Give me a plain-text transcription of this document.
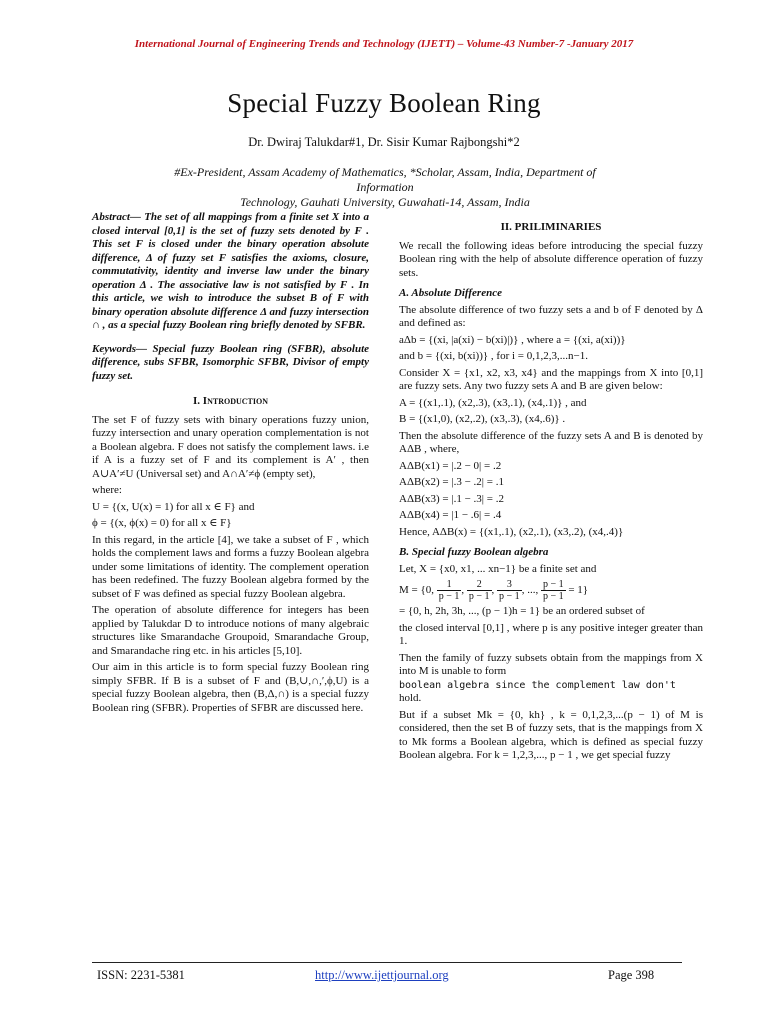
International Journal of Engineering Trends and Technology (IJETT) – Volume-43 Number-7 -January 2017
Special Fuzzy Boolean Ring
Dr. Dwiraj Talukdar#1, Dr. Sisir Kumar Rajbongshi*2
#Ex-President, Assam Academy of Mathematics, *Scholar, Assam, India, Department of Information
Technology, Gauhati University, Guwahati-14, Assam, India

Abstract— The set of all mappings from a finite set X into a closed interval [0,1] is the set of fuzzy sets denoted by F . This set F is closed under the binary operation absolute difference, Δ of fuzzy set F satisfies the axioms, closure, commutativity, identity and inverse law under the binary operation Δ . The associative law is not satisfied by F . In this article, we wish to introduce the subset B of F with binary operation absolute difference Δ and fuzzy intersection ∩ , as a special fuzzy Boolean ring briefly denoted by SFBR.

Keywords— Special fuzzy Boolean ring (SFBR), absolute difference, subs SFBR, Isomorphic SFBR, Divisor of empty fuzzy set.

I. Introduction

The set F of fuzzy sets with binary operations fuzzy union, fuzzy intersection and unary operation complementation is not a Boolean algebra. F does not satisfy the complement laws. i.e if A is a fuzzy set of F and its complement is A′ , then A∪A′≠U (Universal set) and A∩A′≠ϕ (empty set),

where:

U = {(x, U(x) = 1) for all x ∈ F} and

ϕ = {(x, ϕ(x) = 0) for all x ∈ F}

In this regard, in the article [4], we take a subset of F , which holds the complement laws and forms a fuzzy Boolean algebra under some limitations of identity. The complement operation has been redefined. The fuzzy Boolean algebra formed by the subset of F was defined as special fuzzy Boolean algebra.

The operation of absolute difference for integers has been applied by Talukdar D to introduce notions of many algebraic structures like Smarandache Groupoid, Smarandache Group, and Smarandache ring etc. in his articles [5,10].

Our aim in this article is to form special fuzzy Boolean ring simply SFBR. If B is a subset of F and (B,∪,∩,′,ϕ,U) is a special fuzzy Boolean algebra, then (B,Δ,∩) is a special fuzzy Boolean ring (SFBR). Properties of SFBR are discussed here.

II. PRILIMINARIES

We recall the following ideas before introducing the special fuzzy Boolean ring with the help of absolute difference operation of fuzzy sets.

A. Absolute Difference

The absolute difference of two fuzzy sets a and b of F denoted by Δ and defined as:

aΔb = {(xi, |a(xi) − b(xi)|)} , where a = {(xi, a(xi))}

and b = {(xi, b(xi))} , for i = 0,1,2,3,...n−1.

Consider X = {x1, x2, x3, x4} and the mappings from X into [0,1] are fuzzy sets. Any two fuzzy sets A and B are given below:

A = {(x1,.1), (x2,.3), (x3,.1), (x4,.1)} , and

B = {(x1,0), (x2,.2), (x3,.3), (x4,.6)} .

Then the absolute difference of the fuzzy sets A and B is denoted by AΔB , where,

AΔB(x1) = |.2 − 0| = .2

AΔB(x2) = |.3 − .2| = .1

AΔB(x3) = |.1 − .3| = .2

AΔB(x4) = |1 − .6| = .4

Hence, AΔB(x) = {(x1,.1), (x2,.1), (x3,.2), (x4,.4)}

B. Special fuzzy Boolean algebra

Let, X = {x0, x1, ... xn−1} be a finite set and

M = {0, $\frac{1}{p - 1}$ , $\frac{2}{p - 1}$ , $\frac{3}{p - 1}$ , ..., $\frac{p - 1}{p - 1} = 1$}

= {0, h, 2h, 3h, ..., (p − 1)h = 1} be an ordered subset of

the closed interval [0,1] , where p is any positive integer greater than 1.

Then the family of fuzzy subsets obtain from the mappings from X into M is unable to form

boolean algebra since the complement law don't

hold.

But if a subset Mk = {0, kh} , k = 0,1,2,3,...(p − 1) of M is considered, then the set B of fuzzy sets, that is the mappings from X to Mk forms a Boolean algebra, which is defined as special fuzzy Boolean algebra. For k = 1,2,3,..., p − 1 , we get special fuzzy

ISSN: 2231-5381	http://www.ijettjournal.org	Page 398
